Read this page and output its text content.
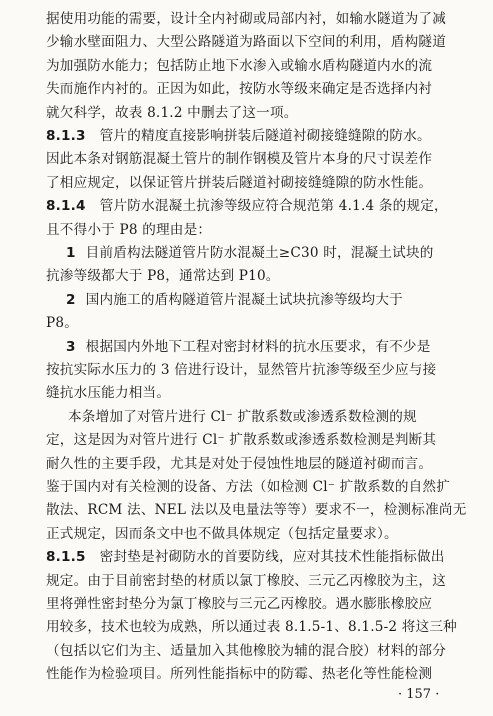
据使用功能的需要，设计全内衬砌或局部内衬，如输水隧道为了减
少输水壁面阻力、大型公路隧道为路面以下空间的利用，盾构隧道
为加强防水能力；包括防止地下水渗入或输水盾构隧道内水的流
失而施作内衬的。正因为如此，按防水等级来确定是否选择内衬
就欠科学，故表 8.1.2 中删去了这一项。
8.1.3 管片的精度直接影响拼装后隧道衬砌接缝缝隙的防水。
因此本条对钢筋混凝土管片的制作钢模及管片本身的尺寸误差作
了相应规定，以保证管片拼装后隧道衬砌接缝缝隙的防水性能。
8.1.4 管片防水混凝土抗渗等级应符合规范第 4.1.4 条的规定，
且不得小于 P8 的理由是：
1 目前盾构法隧道管片防水混凝土≥C30 时，混凝土试块的
抗渗等级都大于 P8，通常达到 P10。
2 国内施工的盾构隧道管片混凝土试块抗渗等级均大于
P8。
3 根据国内外地下工程对密封材料的抗水压要求，有不少是
按抗实际水压力的 3 倍进行设计，显然管片抗渗等级至少应与接
缝抗水压能力相当。
本条增加了对管片进行 Cl⁻ 扩散系数或渗透系数检测的规
定，这是因为对管片进行 Cl⁻ 扩散系数或渗透系数检测是判断其
耐久性的主要手段，尤其是对处于侵蚀性地层的隧道衬砌而言。
鉴于国内对有关检测的设备、方法（如检测 Cl⁻ 扩散系数的自然扩
散法、RCM 法、NEL 法以及电量法等等）要求不一，检测标准尚无
正式规定，因而条文中也不做具体规定（包括定量要求）。
8.1.5 密封垫是衬砌防水的首要防线，应对其技术性能指标做出
规定。由于目前密封垫的材质以氯丁橡胶、三元乙丙橡胶为主，这
里将弹性密封垫分为氯丁橡胶与三元乙丙橡胶。遇水膨胀橡胶应
用较多，技术也较为成熟，所以通过表 8.1.5-1、8.1.5-2 将这三种
（包括以它们为主、适量加入其他橡胶为辅的混合胶）材料的部分
性能作为检验项目。所列性能指标中的防霉、热老化等性能检测
· 157 ·
